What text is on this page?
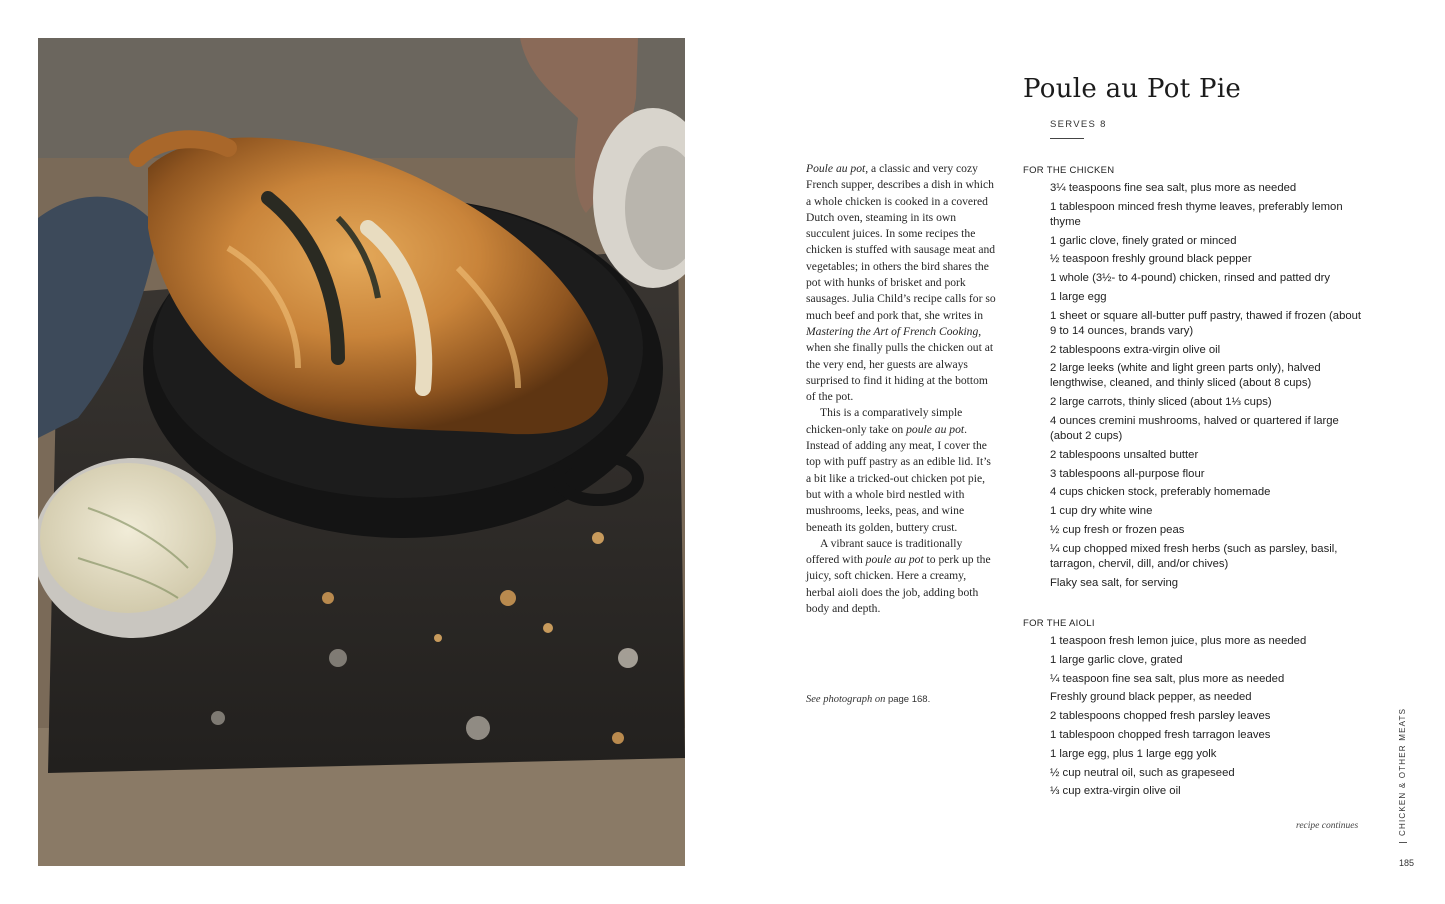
Poule au Pot Pie
SERVES 8

Poule au pot, a classic and very cozy French supper, describes a dish in which a whole chicken is cooked in a covered Dutch oven, steaming in its own succulent juices. In some recipes the chicken is stuffed with sausage meat and vegetables; in others the bird shares the pot with hunks of brisket and pork sausages. Julia Child’s recipe calls for so much beef and pork that, she writes in Mastering the Art of French Cooking, when she finally pulls the chicken out at the very end, her guests are always surprised to find it hiding at the bottom of the pot.

This is a comparatively simple chicken-only take on poule au pot. Instead of adding any meat, I cover the top with puff pastry as an edible lid. It’s a bit like a tricked-out chicken pot pie, but with a whole bird nestled with mushrooms, leeks, peas, and wine beneath its golden, buttery crust.

A vibrant sauce is traditionally offered with poule au pot to perk up the juicy, soft chicken. Here a creamy, herbal aioli does the job, adding both body and depth.

See photograph on page 168.
FOR THE CHICKEN
3¼ teaspoons fine sea salt, plus more as needed
1 tablespoon minced fresh thyme leaves, preferably lemon thyme
1 garlic clove, finely grated or minced
½ teaspoon freshly ground black pepper
1 whole (3½- to 4-pound) chicken, rinsed and patted dry
1 large egg
1 sheet or square all-butter puff pastry, thawed if frozen (about 9 to 14 ounces, brands vary)
2 tablespoons extra-virgin olive oil
2 large leeks (white and light green parts only), halved lengthwise, cleaned, and thinly sliced (about 8 cups)
2 large carrots, thinly sliced (about 1⅓ cups)
4 ounces cremini mushrooms, halved or quartered if large (about 2 cups)
2 tablespoons unsalted butter
3 tablespoons all-purpose flour
4 cups chicken stock, preferably homemade
1 cup dry white wine
½ cup fresh or frozen peas
¼ cup chopped mixed fresh herbs (such as parsley, basil, tarragon, chervil, dill, and/or chives)
Flaky sea salt, for serving
FOR THE AIOLI
1 teaspoon fresh lemon juice, plus more as needed
1 large garlic clove, grated
¼ teaspoon fine sea salt, plus more as needed
Freshly ground black pepper, as needed
2 tablespoons chopped fresh parsley leaves
1 tablespoon chopped fresh tarragon leaves
1 large egg, plus 1 large egg yolk
½ cup neutral oil, such as grapeseed
⅓ cup extra-virgin olive oil
recipe continues	CHICKEN & OTHER MEATS
185
